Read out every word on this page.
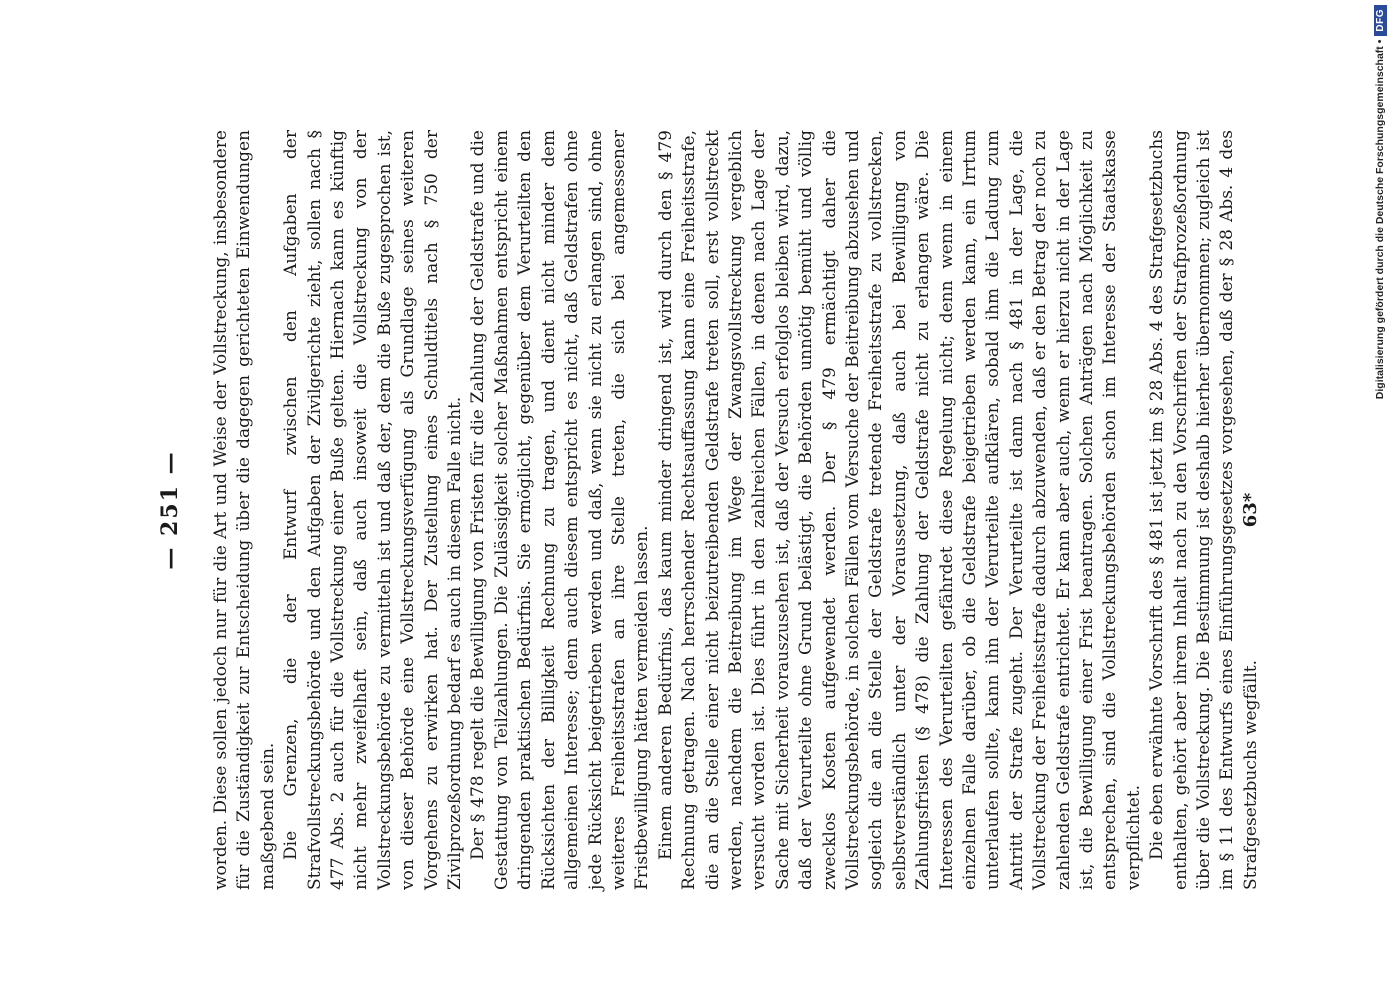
— 251 —	worden. Diese sollen jedoch nur für die Art und Weise der Vollstreckung, insbesondere für die Zuständigkeit zur Entscheidung über die dagegen gerichteten Einwendungen maßgebend sein. Die Grenzen, die der Entwurf zwischen den Aufgaben der Strafvollstreckungsbehörde und den Aufgaben der Zivilgerichte zieht, sollen nach § 477 Abs. 2 auch für die Vollstreckung einer Buße gelten. Hiernach kann es künftig nicht mehr zweifelhaft sein, daß auch insoweit die Vollstreckung von der Vollstreckungsbehörde zu vermitteln ist und daß der, dem die Buße zugesprochen ist, von dieser Behörde eine Vollstreckungsverfügung als Grundlage seines weiteren Vorgehens zu erwirken hat. Der Zustellung eines Schuldtitels nach § 750 der Zivilprozeßordnung bedarf es auch in diesem Falle nicht. Der § 478 regelt die Bewilligung von Fristen für die Zahlung der Geldstrafe und die Gestattung von Teilzahlungen. Die Zulässigkeit solcher Maßnahmen entspricht einem dringenden praktischen Bedürfnis. Sie ermöglicht, gegenüber dem Verurteilten den Rücksichten der Billigkeit Rechnung zu tragen, und dient nicht minder dem allgemeinen Interesse; denn auch diesem entspricht es nicht, daß Geldstrafen ohne jede Rücksicht beigetrieben werden und daß, wenn sie nicht zu erlangen sind, ohne weiteres Freiheitsstrafen an ihre Stelle treten, die sich bei angemessener Fristbewilligung hätten vermeiden lassen. Einem anderen Bedürfnis, das kaum minder dringend ist, wird durch den § 479 Rechnung getragen. Nach herrschender Rechtsauffassung kann eine Freiheitsstrafe, die an die Stelle einer nicht beizutreibenden Geldstrafe treten soll, erst vollstreckt werden, nachdem die Beitreibung im Wege der Zwangsvollstreckung vergeblich versucht worden ist. Dies führt in den zahlreichen Fällen, in denen nach Lage der Sache mit Sicherheit vorauszusehen ist, daß der Versuch erfolglos bleiben wird, dazu, daß der Verurteilte ohne Grund belästigt, die Behörden unnötig bemüht und völlig zwecklos Kosten aufgewendet werden. Der § 479 ermächtigt daher die Vollstreckungsbehörde, in solchen Fällen vom Versuche der Beitreibung abzusehen und sogleich die an die Stelle der Geldstrafe tretende Freiheitsstrafe zu vollstrecken, selbstverständlich unter der Voraussetzung, daß auch bei Bewilligung von Zahlungsfristen (§ 478) die Zahlung der Geldstrafe nicht zu erlangen wäre. Die Interessen des Verurteilten gefährdet diese Regelung nicht; denn wenn in einem einzelnen Falle darüber, ob die Geldstrafe beigetrieben werden kann, ein Irrtum unterlaufen sollte, kann ihn der Verurteilte aufklären, sobald ihm die Ladung zum Antritt der Strafe zugeht. Der Verurteilte ist dann nach § 481 in der Lage, die Vollstreckung der Freiheitsstrafe dadurch abzuwenden, daß er den Betrag der noch zu zahlenden Geldstrafe entrichtet. Er kann aber auch, wenn er hierzu nicht in der Lage ist, die Bewilligung einer Frist beantragen. Solchen Anträgen nach Möglichkeit zu entsprechen, sind die Vollstreckungsbehörden schon im Interesse der Staatskasse verpflichtet. Die eben erwähnte Vorschrift des § 481 ist jetzt im § 28 Abs. 4 des Strafgesetzbuchs enthalten, gehört aber ihrem Inhalt nach zu den Vorschriften der Strafprozeßordnung über die Vollstreckung. Die Bestimmung ist deshalb hierher übernommen; zugleich ist im § 11 des Entwurfs eines Einführungsgesetzes vorgesehen, daß der § 28 Abs. 4 des Strafgesetzbuchs wegfällt.

63*
Digitalisierung gefördert durch die Deutsche Forschungsgemeinschaft •
DFG
